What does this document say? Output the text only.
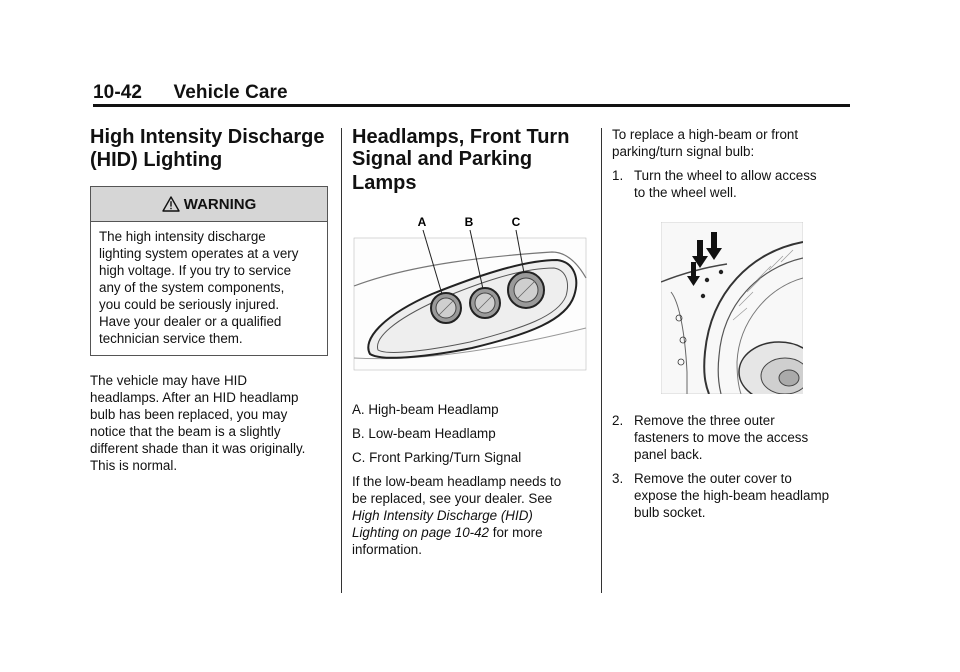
10-42 Vehicle Care
High Intensity Discharge
(HID) Lighting
WARNING
The high intensity discharge
lighting system operates at a very
high voltage. If you try to service
any of the system components,
you could be seriously injured.
Have your dealer or a qualified
technician service them.

The vehicle may have HID
headlamps. After an HID headlamp
bulb has been replaced, you may
notice that the beam is a slightly
different shade than it was originally.
This is normal.

Headlamps, Front Turn
Signal and Parking
Lamps
A	B	C
A. High-beam Headlamp
B. Low-beam Headlamp
C. Front Parking/Turn Signal

If the low-beam headlamp needs to
be replaced, see your dealer. See
High Intensity Discharge (HID)
Lighting on page 10-42 for more
information.

To replace a high-beam or front
parking/turn signal bulb:

1. Turn the wheel to allow access
to the wheel well.
2. Remove the three outer
fasteners to move the access
panel back.
3. Remove the outer cover to
expose the high-beam headlamp
bulb socket.
